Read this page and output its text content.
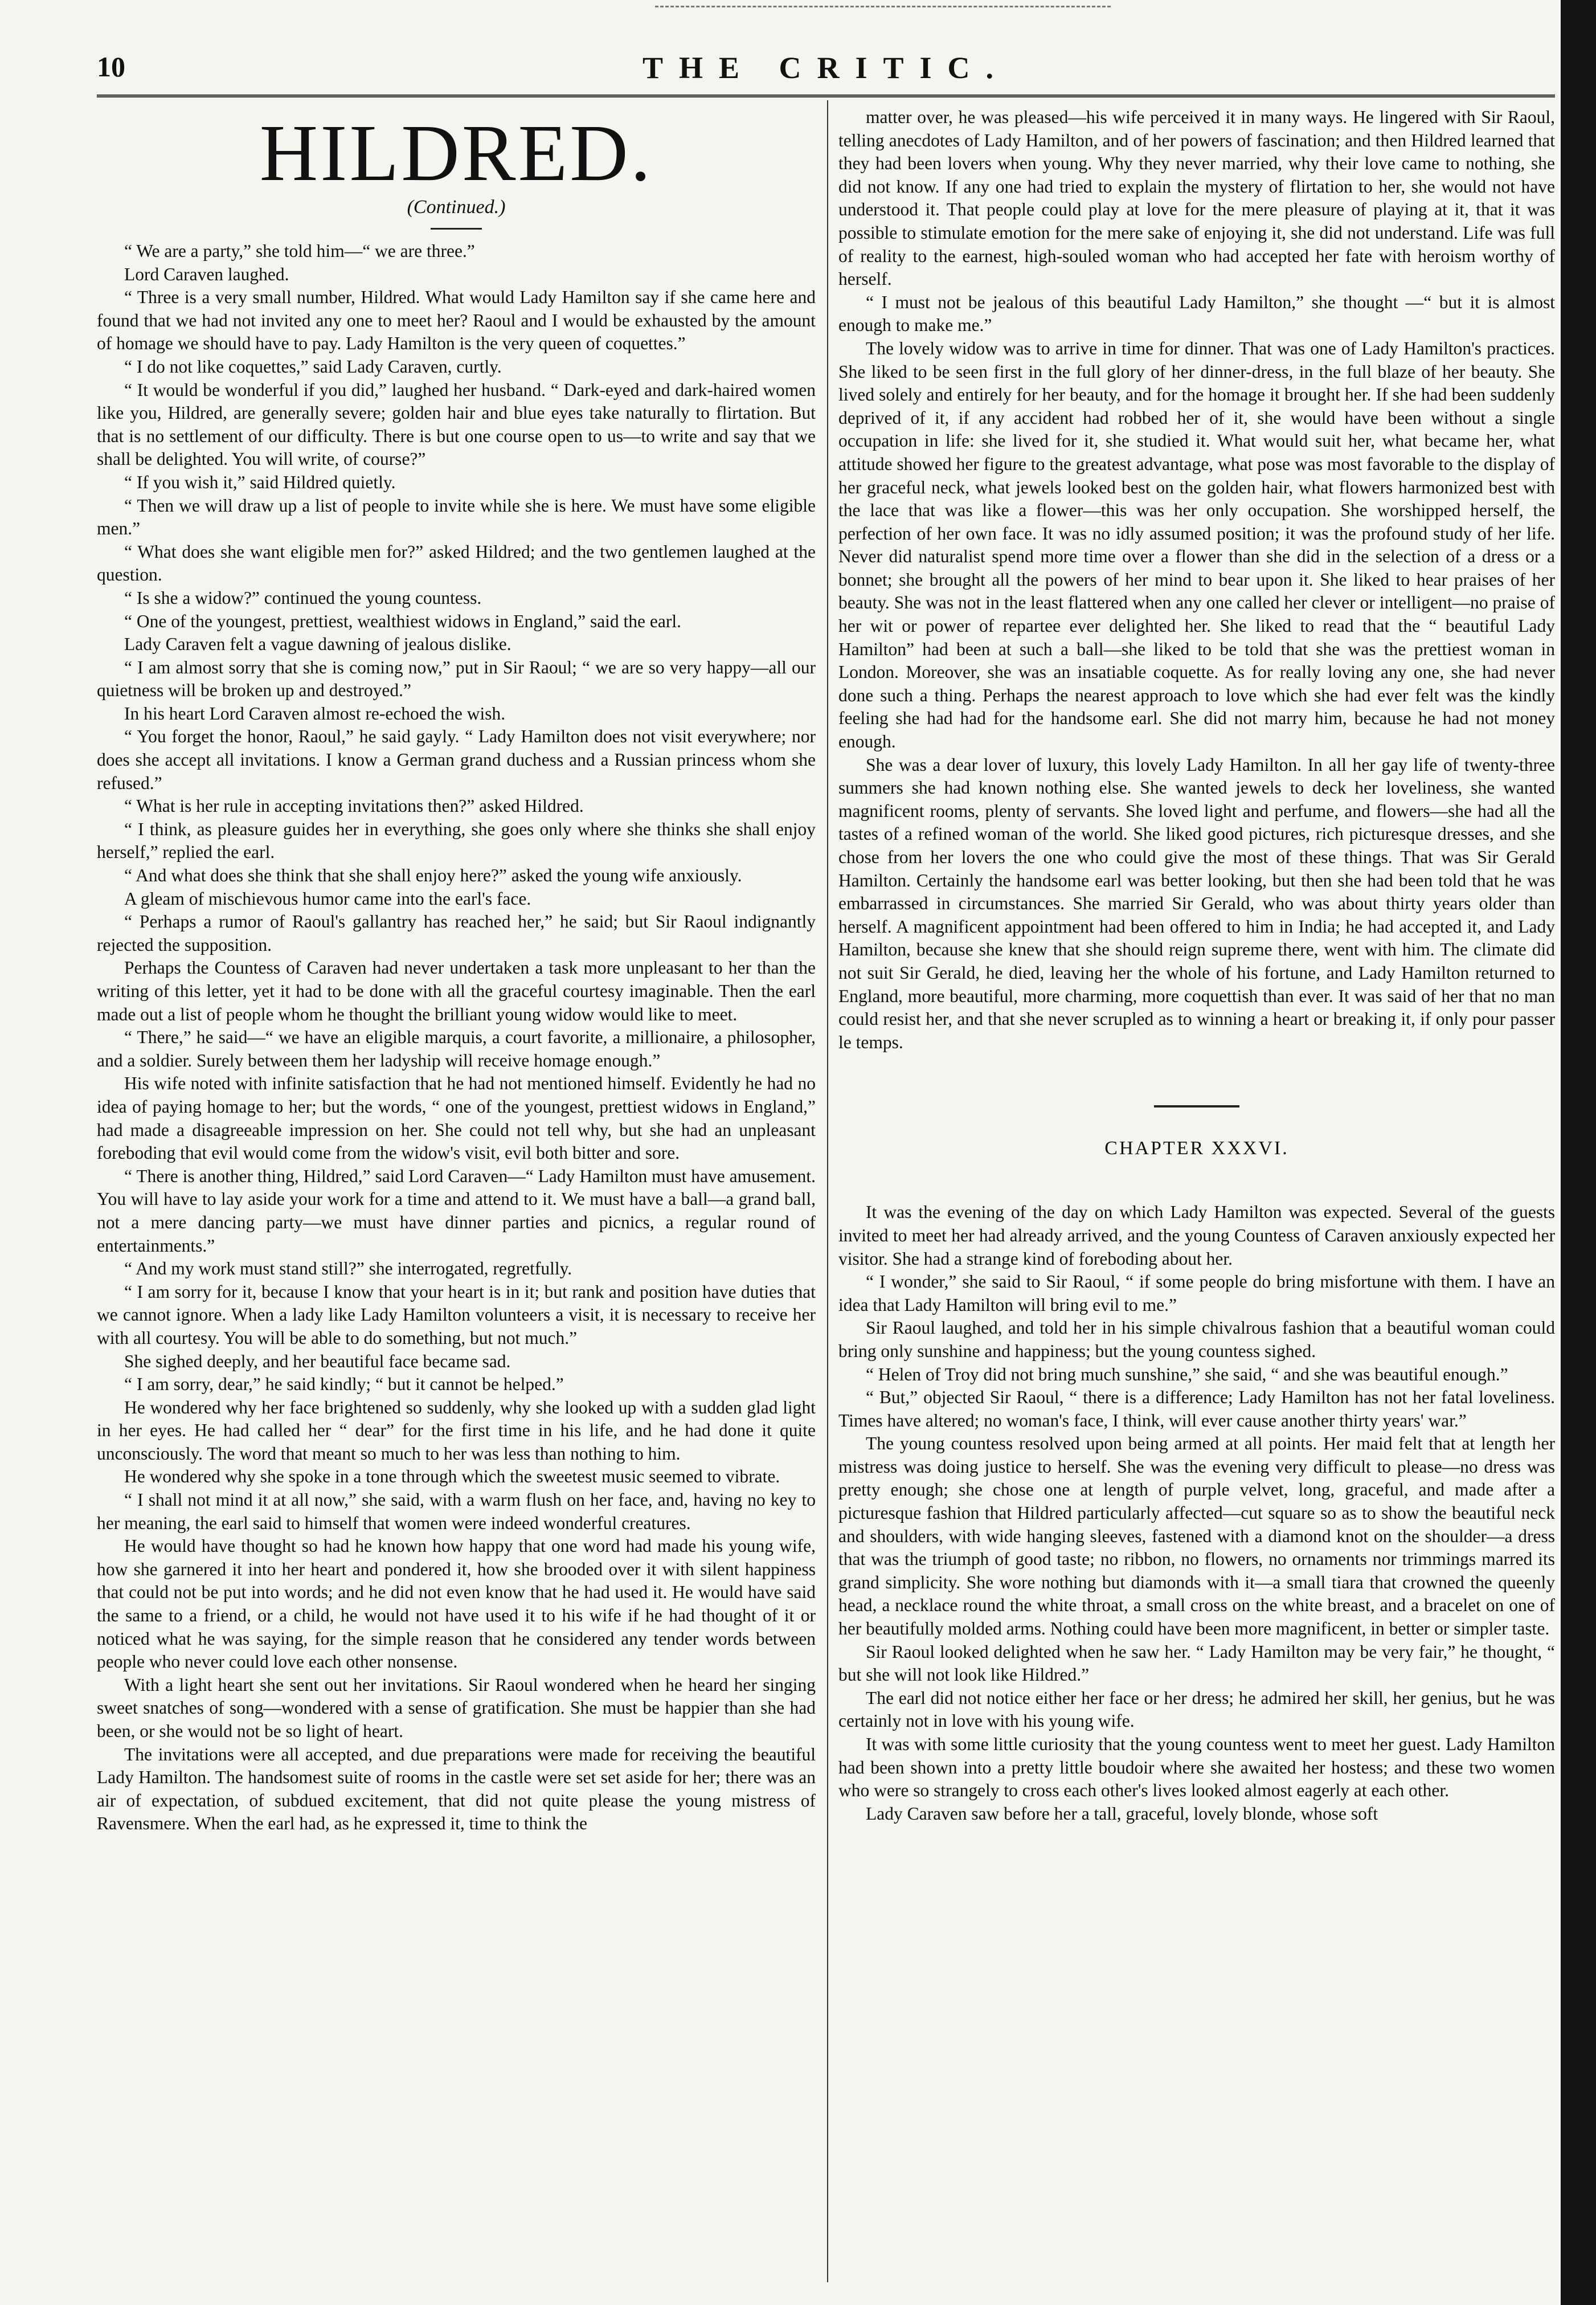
10	THE CRITIC.
HILDRED.
(Continued.)

“ We are a party,” she told him—“ we are three.”

Lord Caraven laughed.

“ Three is a very small number, Hildred. What would Lady Hamilton say if she came here and found that we had not invited any one to meet her? Raoul and I would be exhausted by the amount of homage we should have to pay. Lady Hamilton is the very queen of coquettes.”

“ I do not like coquettes,” said Lady Caraven, curtly.

“ It would be wonderful if you did,” laughed her husband. “ Dark-eyed and dark-haired women like you, Hildred, are generally severe; golden hair and blue eyes take naturally to flirtation. But that is no settlement of our difficulty. There is but one course open to us—to write and say that we shall be delighted. You will write, of course?”

“ If you wish it,” said Hildred quietly.

“ Then we will draw up a list of people to invite while she is here. We must have some eligible men.”

“ What does she want eligible men for?” asked Hildred; and the two gentlemen laughed at the question.

“ Is she a widow?” continued the young countess.

“ One of the youngest, prettiest, wealthiest widows in England,” said the earl.

Lady Caraven felt a vague dawning of jealous dislike.

“ I am almost sorry that she is coming now,” put in Sir Raoul; “ we are so very happy—all our quietness will be broken up and destroyed.”

In his heart Lord Caraven almost re-echoed the wish.

“ You forget the honor, Raoul,” he said gayly. “ Lady Hamilton does not visit everywhere; nor does she accept all invitations. I know a German grand duchess and a Russian princess whom she refused.”

“ What is her rule in accepting invitations then?” asked Hildred.

“ I think, as pleasure guides her in everything, she goes only where she thinks she shall enjoy herself,” replied the earl.

“ And what does she think that she shall enjoy here?” asked the young wife anxiously.

A gleam of mischievous humor came into the earl's face.

“ Perhaps a rumor of Raoul's gallantry has reached her,” he said; but Sir Raoul indignantly rejected the supposition.

Perhaps the Countess of Caraven had never undertaken a task more unpleasant to her than the writing of this letter, yet it had to be done with all the graceful courtesy imaginable. Then the earl made out a list of people whom he thought the brilliant young widow would like to meet.

“ There,” he said—“ we have an eligible marquis, a court favorite, a millionaire, a philosopher, and a soldier. Surely between them her ladyship will receive homage enough.”

His wife noted with infinite satisfaction that he had not mentioned himself. Evidently he had no idea of paying homage to her; but the words, “ one of the youngest, prettiest widows in England,” had made a disagreeable impression on her. She could not tell why, but she had an unpleasant foreboding that evil would come from the widow's visit, evil both bitter and sore.

“ There is another thing, Hildred,” said Lord Caraven—“ Lady Hamilton must have amusement. You will have to lay aside your work for a time and attend to it. We must have a ball—a grand ball, not a mere dancing party—we must have dinner parties and picnics, a regular round of entertainments.”

“ And my work must stand still?” she interrogated, regretfully.

“ I am sorry for it, because I know that your heart is in it; but rank and position have duties that we cannot ignore. When a lady like Lady Hamilton volunteers a visit, it is necessary to receive her with all courtesy. You will be able to do something, but not much.”

She sighed deeply, and her beautiful face became sad.

“ I am sorry, dear,” he said kindly; “ but it cannot be helped.”

He wondered why her face brightened so suddenly, why she looked up with a sudden glad light in her eyes. He had called her “ dear” for the first time in his life, and he had done it quite unconsciously. The word that meant so much to her was less than nothing to him.

He wondered why she spoke in a tone through which the sweetest music seemed to vibrate.

“ I shall not mind it at all now,” she said, with a warm flush on her face, and, having no key to her meaning, the earl said to himself that women were indeed wonderful creatures.

He would have thought so had he known how happy that one word had made his young wife, how she garnered it into her heart and pondered it, how she brooded over it with silent happiness that could not be put into words; and he did not even know that he had used it. He would have said the same to a friend, or a child, he would not have used it to his wife if he had thought of it or noticed what he was saying, for the simple reason that he considered any tender words between people who never could love each other nonsense.

With a light heart she sent out her invitations. Sir Raoul wondered when he heard her singing sweet snatches of song—wondered with a sense of gratification. She must be happier than she had been, or she would not be so light of heart.

The invitations were all accepted, and due preparations were made for receiving the beautiful Lady Hamilton. The handsomest suite of rooms in the castle were set set aside for her; there was an air of expectation, of subdued excitement, that did not quite please the young mistress of Ravensmere. When the earl had, as he expressed it, time to think the

matter over, he was pleased—his wife perceived it in many ways. He lingered with Sir Raoul, telling anecdotes of Lady Hamilton, and of her powers of fascination; and then Hildred learned that they had been lovers when young. Why they never married, why their love came to nothing, she did not know. If any one had tried to explain the mystery of flirtation to her, she would not have understood it. That people could play at love for the mere pleasure of playing at it, that it was possible to stimulate emotion for the mere sake of enjoying it, she did not understand. Life was full of reality to the earnest, high-souled woman who had accepted her fate with heroism worthy of herself.

“ I must not be jealous of this beautiful Lady Hamilton,” she thought —“ but it is almost enough to make me.”

The lovely widow was to arrive in time for dinner. That was one of Lady Hamilton's practices. She liked to be seen first in the full glory of her dinner-dress, in the full blaze of her beauty. She lived solely and entirely for her beauty, and for the homage it brought her. If she had been suddenly deprived of it, if any accident had robbed her of it, she would have been without a single occupation in life: she lived for it, she studied it. What would suit her, what became her, what attitude showed her figure to the greatest advantage, what pose was most favorable to the display of her graceful neck, what jewels looked best on the golden hair, what flowers harmonized best with the lace that was like a flower—this was her only occupation. She worshipped herself, the perfection of her own face. It was no idly assumed position; it was the profound study of her life. Never did naturalist spend more time over a flower than she did in the selection of a dress or a bonnet; she brought all the powers of her mind to bear upon it. She liked to hear praises of her beauty. She was not in the least flattered when any one called her clever or intelligent—no praise of her wit or power of repartee ever delighted her. She liked to read that the “ beautiful Lady Hamilton” had been at such a ball—she liked to be told that she was the prettiest woman in London. Moreover, she was an insatiable coquette. As for really loving any one, she had never done such a thing. Perhaps the nearest approach to love which she had ever felt was the kindly feeling she had had for the handsome earl. She did not marry him, because he had not money enough.

She was a dear lover of luxury, this lovely Lady Hamilton. In all her gay life of twenty-three summers she had known nothing else. She wanted jewels to deck her loveliness, she wanted magnificent rooms, plenty of servants. She loved light and perfume, and flowers—she had all the tastes of a refined woman of the world. She liked good pictures, rich picturesque dresses, and she chose from her lovers the one who could give the most of these things. That was Sir Gerald Hamilton. Certainly the handsome earl was better looking, but then she had been told that he was embarrassed in circumstances. She married Sir Gerald, who was about thirty years older than herself. A magnificent appointment had been offered to him in India; he had accepted it, and Lady Hamilton, because she knew that she should reign supreme there, went with him. The climate did not suit Sir Gerald, he died, leaving her the whole of his fortune, and Lady Hamilton returned to England, more beautiful, more charming, more coquettish than ever. It was said of her that no man could resist her, and that she never scrupled as to winning a heart or breaking it, if only pour passer le temps.

CHAPTER XXXVI.

It was the evening of the day on which Lady Hamilton was expected. Several of the guests invited to meet her had already arrived, and the young Countess of Caraven anxiously expected her visitor. She had a strange kind of foreboding about her.

“ I wonder,” she said to Sir Raoul, “ if some people do bring misfortune with them. I have an idea that Lady Hamilton will bring evil to me.”

Sir Raoul laughed, and told her in his simple chivalrous fashion that a beautiful woman could bring only sunshine and happiness; but the young countess sighed.

“ Helen of Troy did not bring much sunshine,” she said, “ and she was beautiful enough.”

“ But,” objected Sir Raoul, “ there is a difference; Lady Hamilton has not her fatal loveliness. Times have altered; no woman's face, I think, will ever cause another thirty years' war.”

The young countess resolved upon being armed at all points. Her maid felt that at length her mistress was doing justice to herself. She was the evening very difficult to please—no dress was pretty enough; she chose one at length of purple velvet, long, graceful, and made after a picturesque fashion that Hildred particularly affected—cut square so as to show the beautiful neck and shoulders, with wide hanging sleeves, fastened with a diamond knot on the shoulder—a dress that was the triumph of good taste; no ribbon, no flowers, no ornaments nor trimmings marred its grand simplicity. She wore nothing but diamonds with it—a small tiara that crowned the queenly head, a necklace round the white throat, a small cross on the white breast, and a bracelet on one of her beautifully molded arms. Nothing could have been more magnificent, in better or simpler taste.

Sir Raoul looked delighted when he saw her. “ Lady Hamilton may be very fair,” he thought, “ but she will not look like Hildred.”

The earl did not notice either her face or her dress; he admired her skill, her genius, but he was certainly not in love with his young wife.

It was with some little curiosity that the young countess went to meet her guest. Lady Hamilton had been shown into a pretty little boudoir where she awaited her hostess; and these two women who were so strangely to cross each other's lives looked almost eagerly at each other.

Lady Caraven saw before her a tall, graceful, lovely blonde, whose soft
